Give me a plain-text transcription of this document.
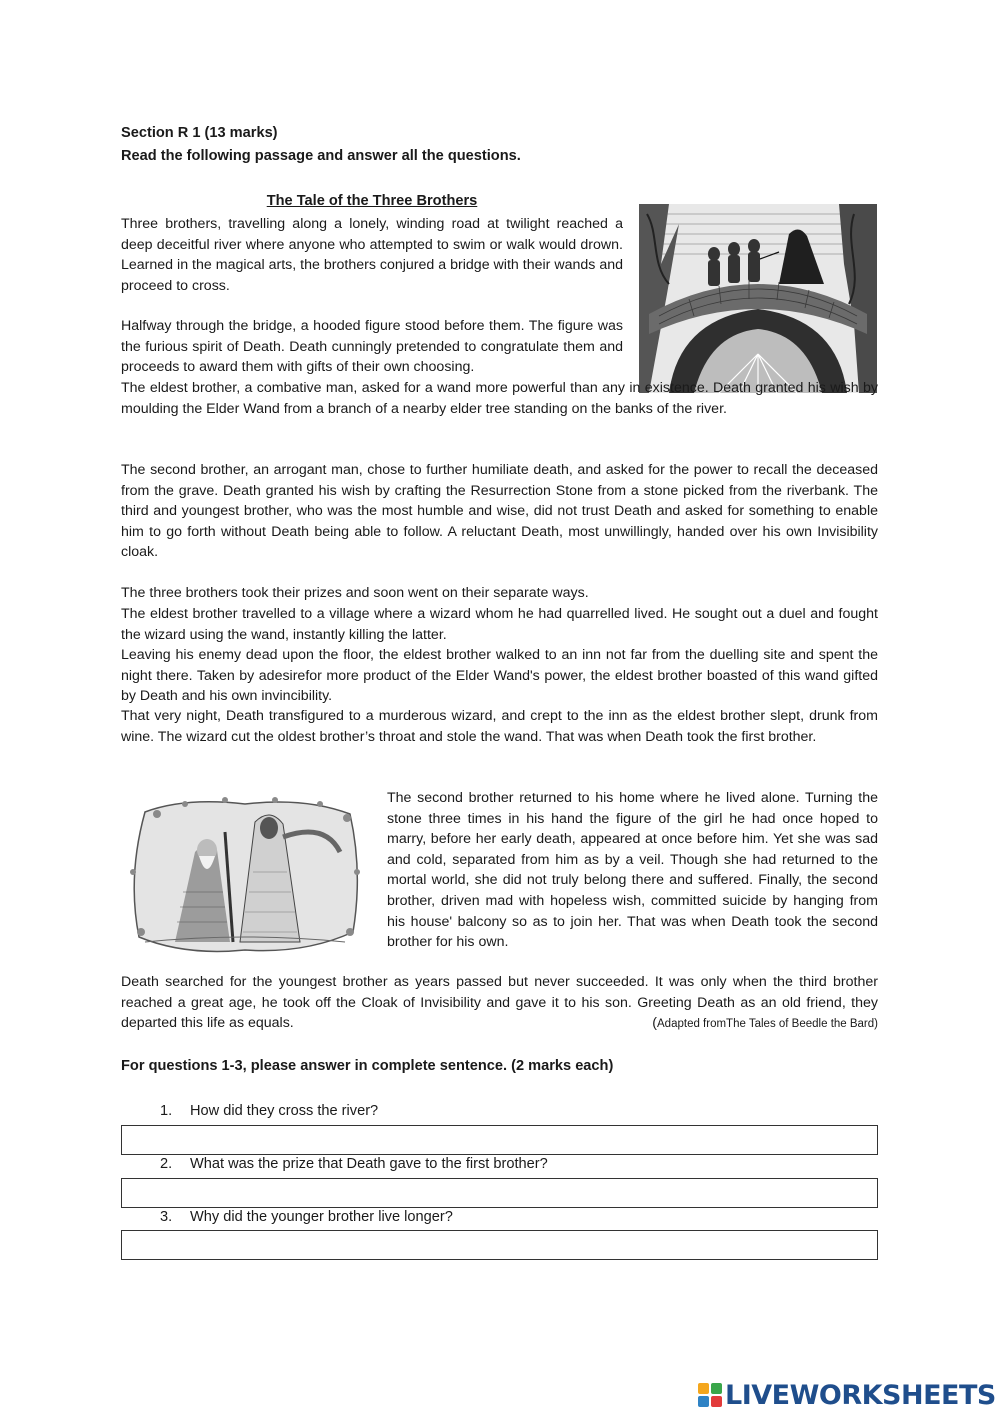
Section R 1 (13 marks)

Read the following passage and answer all the questions.

The Tale of the Three Brothers

Three brothers, travelling along a lonely, winding road at twilight reached a deep deceitful river where anyone who attempted to swim or walk would drown. Learned in the magical arts, the brothers conjured a bridge with their wands and proceed to cross.

Halfway through the bridge, a hooded figure stood before them. The figure was the furious spirit of Death. Death cunningly pretended to congratulate them and proceeds to award them with gifts of their own choosing.

The eldest brother, a combative man, asked for a wand more powerful than any in existence. Death granted his wish by moulding the Elder Wand from a branch of a nearby elder tree standing on the banks of the river.

The second brother, an arrogant man, chose to further humiliate death, and asked for the power to recall the deceased from the grave. Death granted his wish by crafting the Resurrection Stone from a stone picked from the riverbank. The third and youngest brother, who was the most humble and wise, did not trust Death and asked for something to enable him to go forth without Death being able to follow. A reluctant Death, most unwillingly, handed over his own Invisibility cloak.

The three brothers took their prizes and soon went on their separate ways.

The eldest brother travelled to a village where a wizard whom he had quarrelled lived. He sought out a duel and fought the wizard using the wand, instantly killing the latter.

Leaving his enemy dead upon the floor, the eldest brother walked to an inn not far from the duelling site and spent the night there. Taken by adesirefor more product of the Elder Wand's power, the eldest brother boasted of this wand gifted by Death and his own invincibility.

That very night, Death transfigured to a murderous wizard, and crept to the inn as the eldest brother slept, drunk from wine. The wizard cut the oldest brother’s throat and stole the wand. That was when Death took the first brother.

The second brother returned to his home where he lived alone. Turning the stone three times in his hand the figure of the girl he had once hoped to marry, before her early death, appeared at once before him. Yet she was sad and cold, separated from him as by a veil. Though she had returned to the mortal world, she did not truly belong there and suffered. Finally, the second brother, driven mad with hopeless wish, committed suicide by hanging from his house' balcony so as to join her. That was when Death took the second brother for his own.

Death searched for the youngest brother as years passed but never succeeded. It was only when the third brother reached a great age, he took off the Cloak of Invisibility and gave it to his son. Greeting Death as an old friend, they departed this life as equals.	(Adapted fromThe Tales of Beedle the Bard)

For questions 1-3, please answer in complete sentence. (2 marks each)

1. How did they cross the river?

2. What was the prize that Death gave to the first brother?

3. Why did the younger brother live longer?

LIVEWORKSHEETS
